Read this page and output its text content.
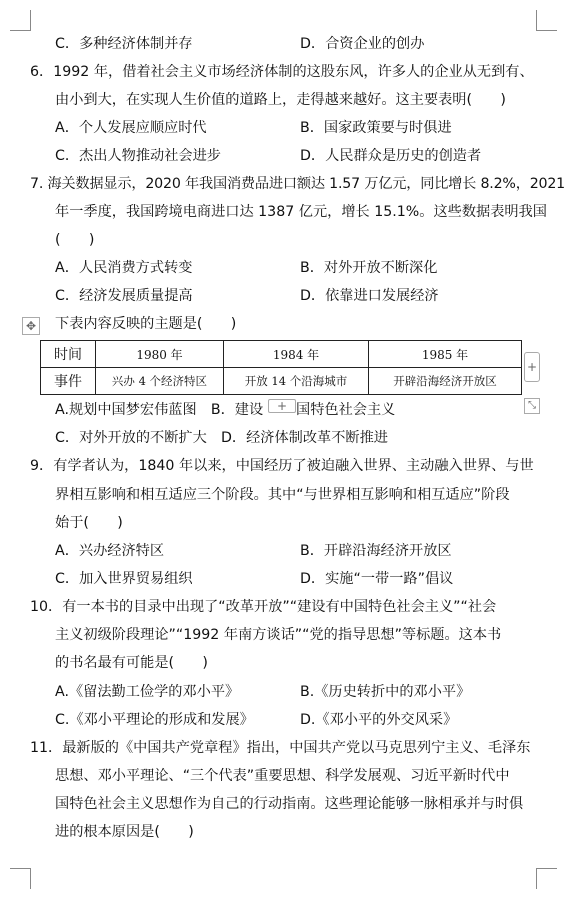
C．多种经济体制并存	D．合资企业的创办
6．1992 年，借着社会主义市场经济体制的这股东风，许多人的企业从无到有、
由小到大，在实现人生价值的道路上，走得越来越好。这主要表明(　　)
A．个人发展应顺应时代	B．国家政策要与时俱进
C．杰出人物推动社会进步	D．人民群众是历史的创造者
7. 海关数据显示，2020 年我国消费品进口额达 1.57 万亿元，同比增长 8.2%，2021
年一季度，我国跨境电商进口达 1387 亿元，增长 15.1%。这些数据表明我国
(　　)
A．人民消费方式转变	B．对外开放不断深化
C．经济发展质量提高	D．依靠进口发展经济
✥ 下表内容反映的主题是(　　)
时间	1980 年	1984 年	1985 年
事件	兴办 4 个经济特区	开放 14 个沿海城市	开辟沿海经济开放区
+
⤡
A.规划中国梦宏伟蓝图　B．建设	+ 国特色社会主义
C．对外开放的不断扩大　D．经济体制改革不断推进
9．有学者认为，1840 年以来，中国经历了被迫融入世界、主动融入世界、与世
界相互影响和相互适应三个阶段。其中“与世界相互影响和相互适应”阶段
始于(　　)
A．兴办经济特区	B．开辟沿海经济开放区
C．加入世界贸易组织	D．实施“一带一路”倡议
10．有一本书的目录中出现了“改革开放”“建设有中国特色社会主义”“社会
主义初级阶段理论”“1992 年南方谈话”“党的指导思想”等标题。这本书
的书名最有可能是(　　)
A.《留法勤工俭学的邓小平》	B.《历史转折中的邓小平》
C.《邓小平理论的形成和发展》	D.《邓小平的外交风采》
11．最新版的《中国共产党章程》指出，中国共产党以马克思列宁主义、毛泽东
思想、邓小平理论、“三个代表”重要思想、科学发展观、习近平新时代中
国特色社会主义思想作为自己的行动指南。这些理论能够一脉相承并与时俱
进的根本原因是(　　)
